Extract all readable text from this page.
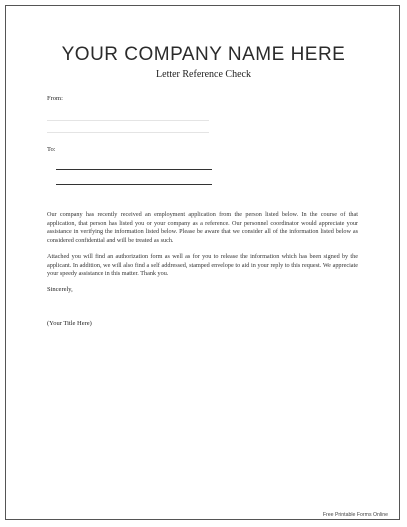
YOUR COMPANY NAME HERE
Letter Reference Check
From:
To:
Our company has recently received an employment application from the person listed below. In the course of that application, that person has listed you or your company as a reference. Our personnel coordinator would appreciate your assistance in verifying the information listed below. Please be aware that we consider all of the information listed below as considered confidential and will be treated as such.
Attached you will find an authorization form as well as for you to release the information which has been signed by the applicant. In addition, we will also find a self addressed, stamped envelope to aid in your reply to this request. We appreciate your speedy assistance in this matter. Thank you.
Sincerely,
(Your Title Here)
Free Printable Forms Online
